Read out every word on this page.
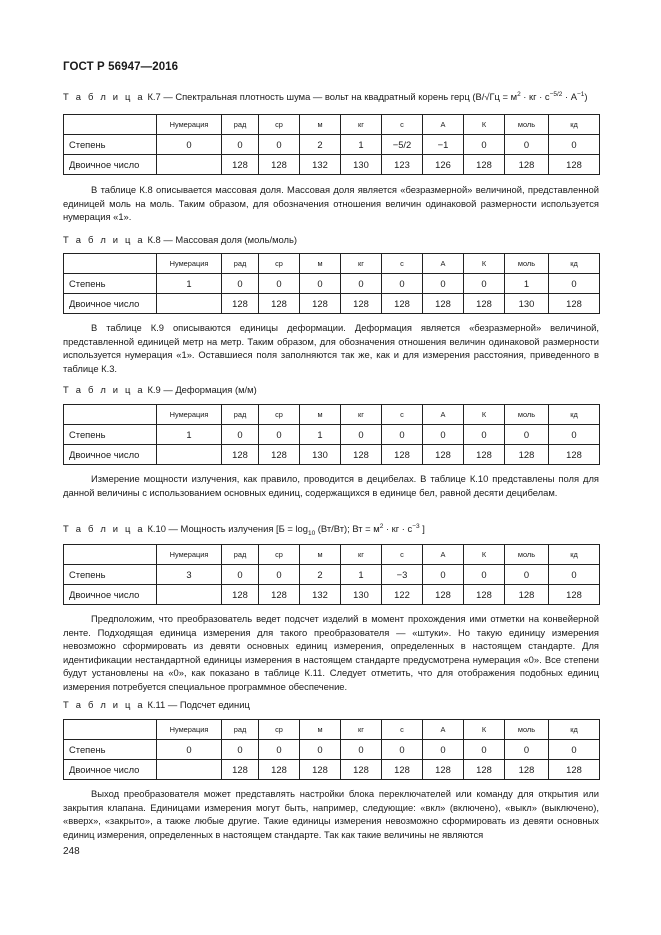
ГОСТ Р 56947—2016
Т а б л и ц а К.7 — Спектральная плотность шума — вольт на квадратный корень герц ($В/√Гц = м^2$ · кг · $с^{-5/2} \cdot А^{-1}$)
	Нумерация	рад	ср	м	кг	с	А	К	моль	кд
Степень	0	0	0	2	1	−5/2	−1	0	0	0
Двоичное число		128	128	132	130	123	126	128	128	128
В таблице К.8 описывается массовая доля. Массовая доля является «безразмерной» величиной, представленной единицей моль на моль. Таким образом, для обозначения отношения величин одинаковой размерности используется нумерация «1».
Т а б л и ц а К.8 — Массовая доля (моль/моль)
	Нумерация	рад	ср	м	кг	с	А	К	моль	кд
Степень	1	0	0	0	0	0	0	0	1	0
Двоичное число		128	128	128	128	128	128	128	130	128
В таблице К.9 описываются единицы деформации. Деформация является «безразмерной» величиной, представленной единицей метр на метр. Таким образом, для обозначения отношения величин одинаковой размерности используется нумерация «1». Оставшиеся поля заполняются так же, как и для измерения расстояния, приведенного в таблице К.3.
Т а б л и ц а К.9 — Деформация (м/м)
	Нумерация	рад	ср	м	кг	с	А	К	моль	кд
Степень	1	0	0	1	0	0	0	0	0	0
Двоичное число		128	128	130	128	128	128	128	128	128
Измерение мощности излучения, как правило, проводится в децибелах. В таблице К.10 представлены поля для данной величины с использованием основных единиц, содержащихся в единице бел, равной десяти децибелам.
Т а б л и ц а К.10 — Мощность излучения [$Б = \log_{10} (Вт/Вт)$; Вт = $м^2$ · кг · $с^{-3}$ ]
	Нумерация	рад	ср	м	кг	с	А	К	моль	кд
Степень	3	0	0	2	1	−3	0	0	0	0
Двоичное число		128	128	132	130	122	128	128	128	128
Предположим, что преобразователь ведет подсчет изделий в момент прохождения ими отметки на конвейерной ленте. Подходящая единица измерения для такого преобразователя — «штуки». Но такую единицу измерения невозможно сформировать из девяти основных единиц измерения, определенных в настоящем стандарте. Для идентификации нестандартной единицы измерения в настоящем стандарте предусмотрена нумерация «0». Все степени будут установлены на «0», как показано в таблице К.11. Следует отметить, что для отображения подобных единиц измерения потребуется специальное программное обеспечение.
Т а б л и ц а К.11 — Подсчет единиц
	Нумерация	рад	ср	м	кг	с	А	К	моль	кд
Степень	0	0	0	0	0	0	0	0	0	0
Двоичное число		128	128	128	128	128	128	128	128	128
Выход преобразователя может представлять настройки блока переключателей или команду для открытия или закрытия клапана. Единицами измерения могут быть, например, следующие: «вкл» (включено), «выкл» (выключено), «вверх», «закрыто», а также любые другие. Такие единицы измерения невозможно сформировать из девяти основных единиц измерения, определенных в настоящем стандарте. Так как такие величины не являются
248
